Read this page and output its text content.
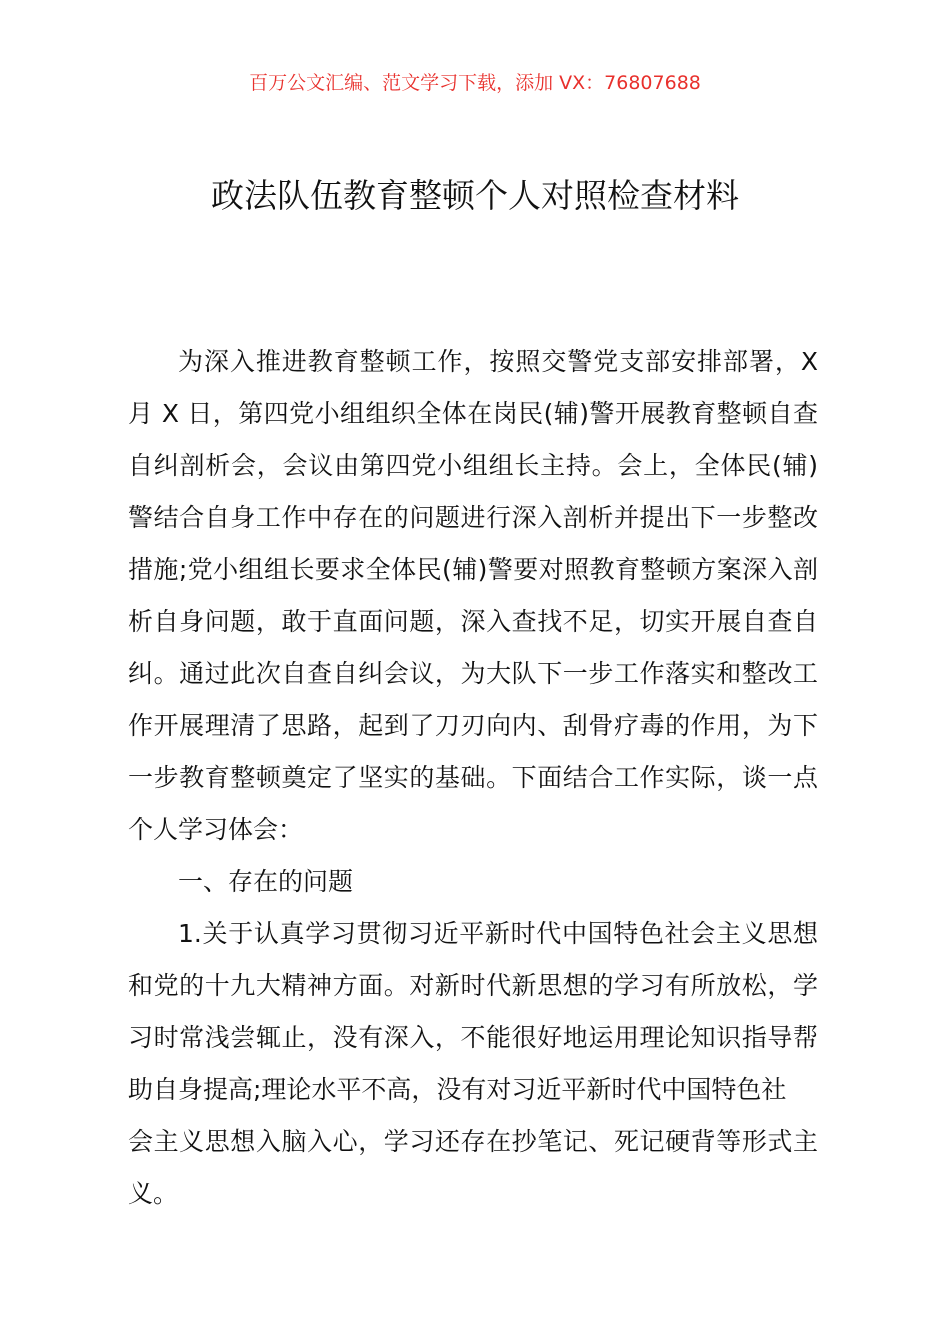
百万公文汇编、范文学习下载，添加 VX：76807688
政法队伍教育整顿个人对照检查材料
为深入推进教育整顿工作，按照交警党支部安排部署，X
月 X 日，第四党小组组织全体在岗民(辅)警开展教育整顿自查
自纠剖析会，会议由第四党小组组长主持。会上，全体民(辅)
警结合自身工作中存在的问题进行深入剖析并提出下一步整改
措施;党小组组长要求全体民(辅)警要对照教育整顿方案深入剖
析自身问题，敢于直面问题，深入查找不足，切实开展自查自
纠。通过此次自查自纠会议，为大队下一步工作落实和整改工
作开展理清了思路，起到了刀刃向内、刮骨疗毒的作用，为下
一步教育整顿奠定了坚实的基础。下面结合工作实际，谈一点
个人学习体会：
一、存在的问题
1.关于认真学习贯彻习近平新时代中国特色社会主义思想
和党的十九大精神方面。对新时代新思想的学习有所放松，学
习时常浅尝辄止，没有深入，不能很好地运用理论知识指导帮
助自身提高;理论水平不高，没有对习近平新时代中国特色社
会主义思想入脑入心，学习还存在抄笔记、死记硬背等形式主
义。
